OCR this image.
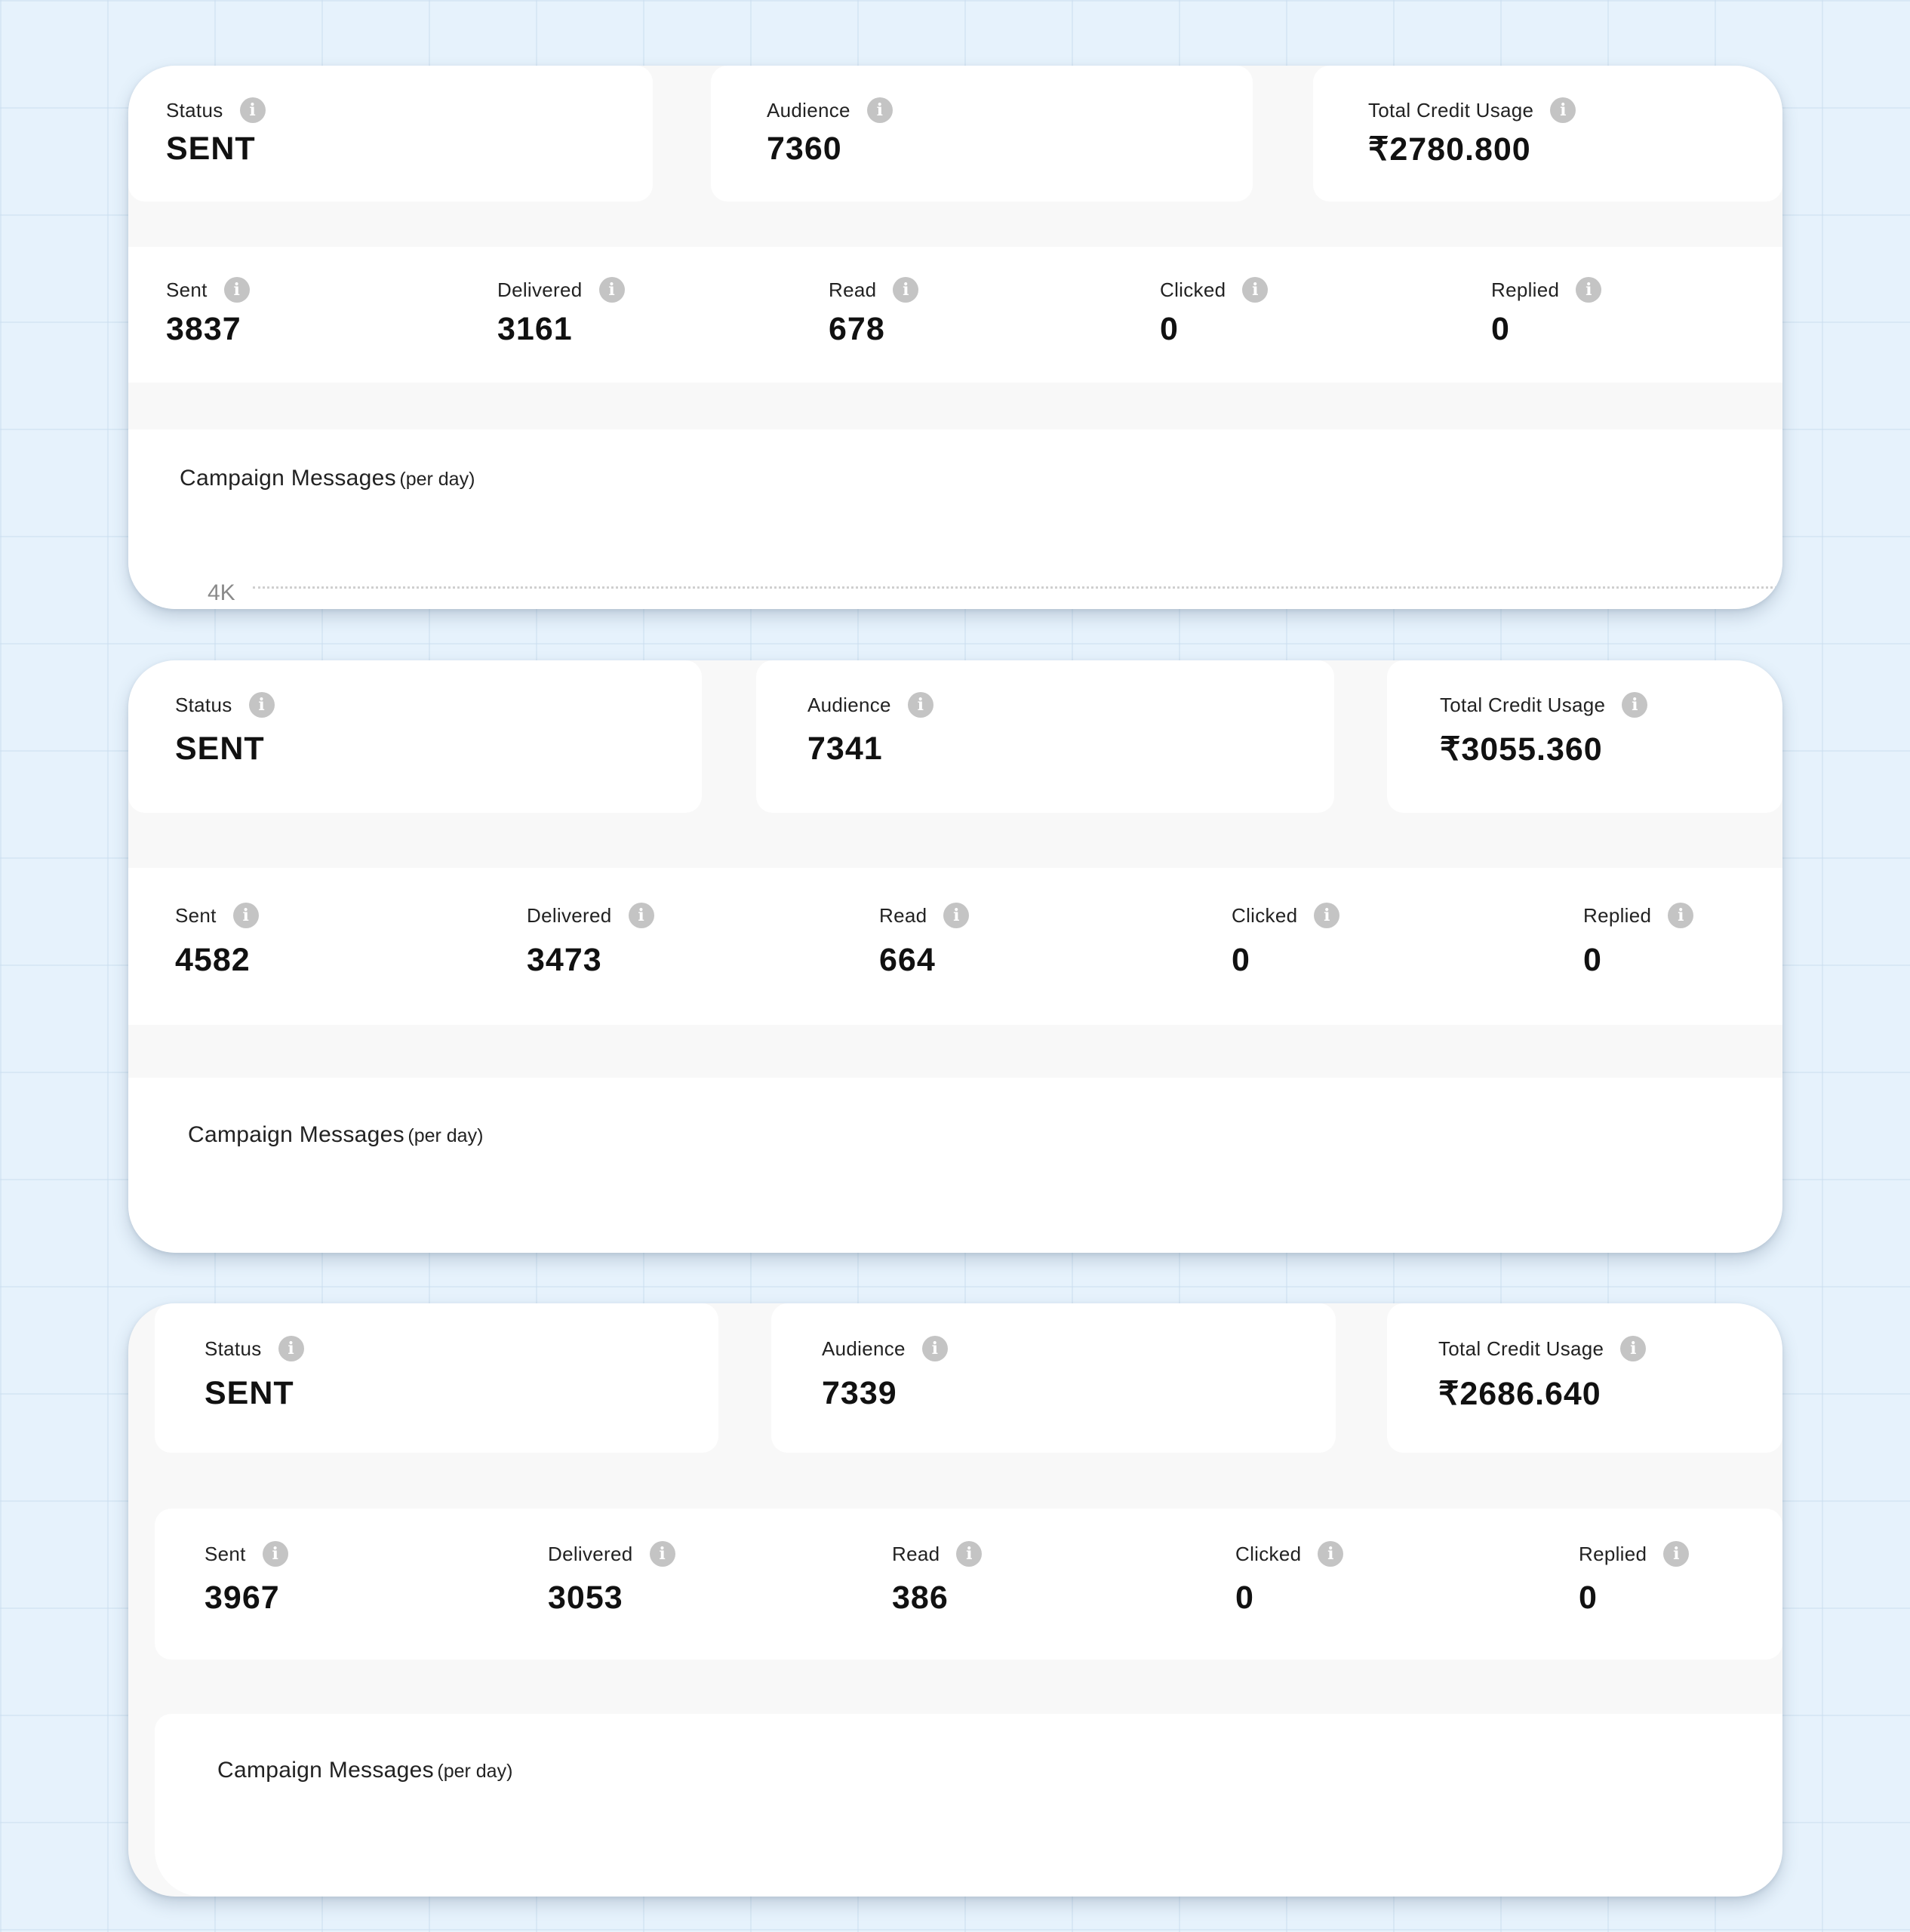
Status	i
SENT
Audience	i
7360
Total Credit Usage	i
₹2780.800
Sent	i
3837
Delivered	i
3161
Read	i
678
Clicked	i
0
Replied	i
0
Campaign Messages (per day)
4K
Status	i
SENT
Audience	i
7341
Total Credit Usage	i
₹3055.360
Sent	i
4582
Delivered	i
3473
Read	i
664
Clicked	i
0
Replied	i
0
Campaign Messages (per day)
Status	i
SENT
Audience	i
7339
Total Credit Usage	i
₹2686.640
Sent	i
3967
Delivered	i
3053
Read	i
386
Clicked	i
0
Replied	i
0
Campaign Messages (per day)
